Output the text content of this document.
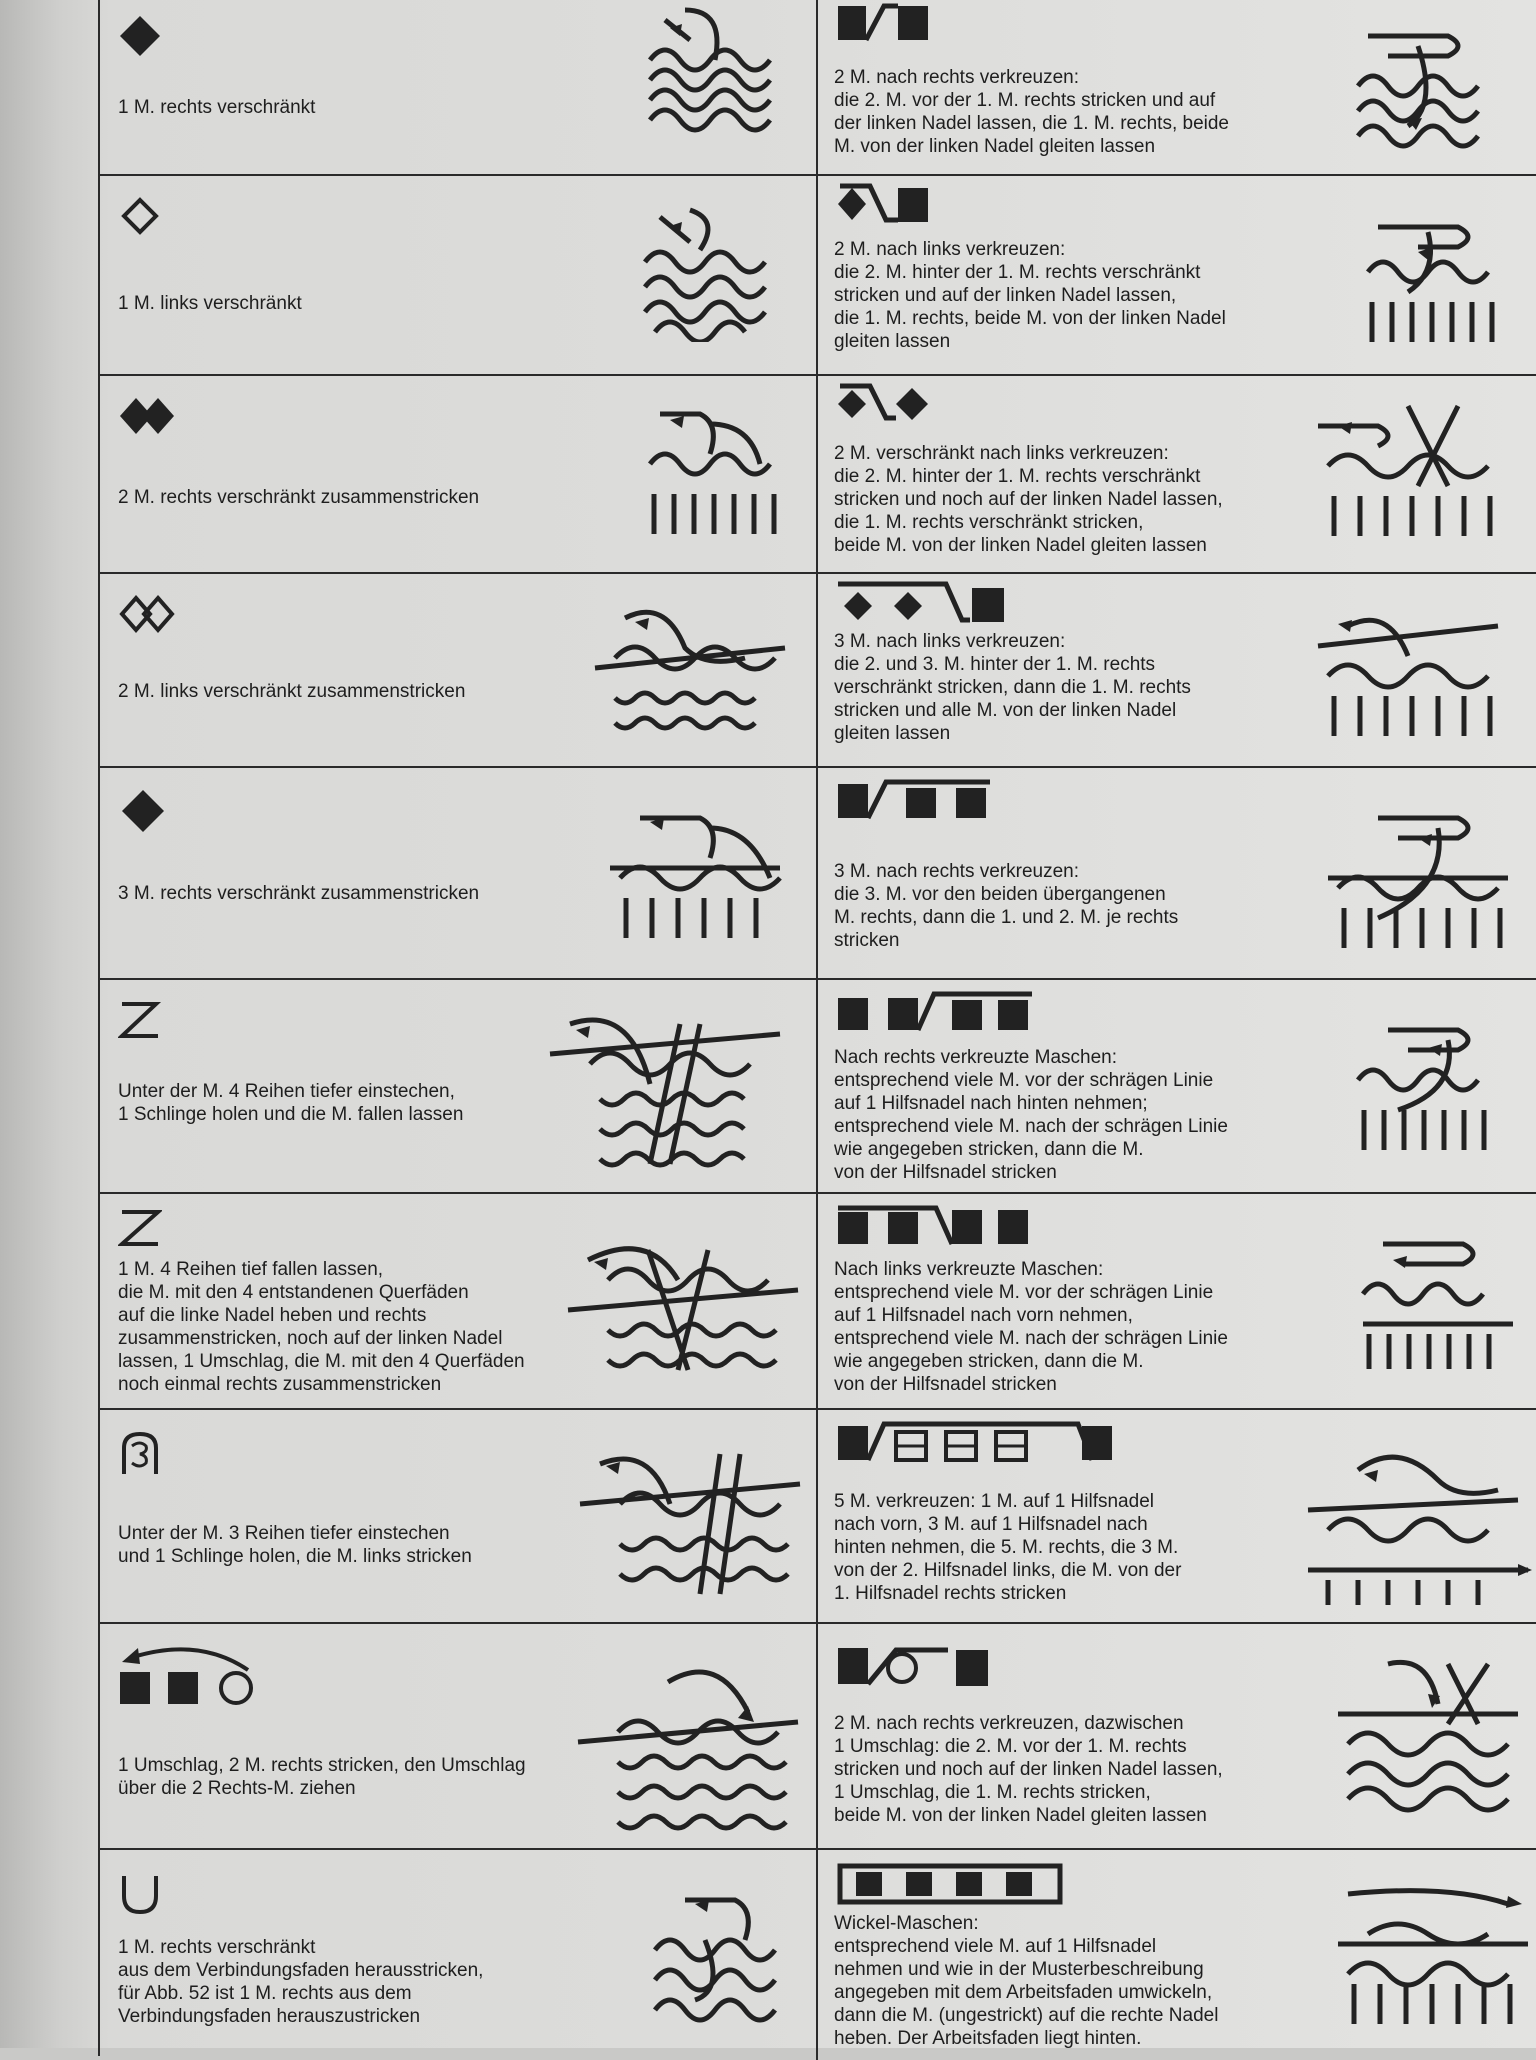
1 M. rechts verschränkt
2 M. nach rechts verkreuzen:
die 2. M. vor der 1. M. rechts stricken und auf
der linken Nadel lassen, die 1. M. rechts, beide
M. von der linken Nadel gleiten lassen
1 M. links verschränkt
2 M. nach links verkreuzen:
die 2. M. hinter der 1. M. rechts verschränkt
stricken und auf der linken Nadel lassen,
die 1. M. rechts, beide M. von der linken Nadel
gleiten lassen
2 M. rechts verschränkt zusammenstricken
2 M. verschränkt nach links verkreuzen:
die 2. M. hinter der 1. M. rechts verschränkt
stricken und noch auf der linken Nadel lassen,
die 1. M. rechts verschränkt stricken,
beide M. von der linken Nadel gleiten lassen
2 M. links verschränkt zusammenstricken
3 M. nach links verkreuzen:
die 2. und 3. M. hinter der 1. M. rechts
verschränkt stricken, dann die 1. M. rechts
stricken und alle M. von der linken Nadel
gleiten lassen
3 M. rechts verschränkt zusammenstricken
3 M. nach rechts verkreuzen:
die 3. M. vor den beiden übergangenen
M. rechts, dann die 1. und 2. M. je rechts
stricken
Unter der M. 4 Reihen tiefer einstechen,
1 Schlinge holen und die M. fallen lassen
Nach rechts verkreuzte Maschen:
entsprechend viele M. vor der schrägen Linie
auf 1 Hilfsnadel nach hinten nehmen;
entsprechend viele M. nach der schrägen Linie
wie angegeben stricken, dann die M.
von der Hilfsnadel stricken
1 M. 4 Reihen tief fallen lassen,
die M. mit den 4 entstandenen Querfäden
auf die linke Nadel heben und rechts
zusammenstricken, noch auf der linken Nadel
lassen, 1 Umschlag, die M. mit den 4 Querfäden
noch einmal rechts zusammenstricken
Nach links verkreuzte Maschen:
entsprechend viele M. vor der schrägen Linie
auf 1 Hilfsnadel nach vorn nehmen,
entsprechend viele M. nach der schrägen Linie
wie angegeben stricken, dann die M.
von der Hilfsnadel stricken
Unter der M. 3 Reihen tiefer einstechen
und 1 Schlinge holen, die M. links stricken
5 M. verkreuzen: 1 M. auf 1 Hilfsnadel
nach vorn, 3 M. auf 1 Hilfsnadel nach
hinten nehmen, die 5. M. rechts, die 3 M.
von der 2. Hilfsnadel links, die M. von der
1. Hilfsnadel rechts stricken
1 Umschlag, 2 M. rechts stricken, den Umschlag
über die 2 Rechts-M. ziehen
2 M. nach rechts verkreuzen, dazwischen
1 Umschlag: die 2. M. vor der 1. M. rechts
stricken und noch auf der linken Nadel lassen,
1 Umschlag, die 1. M. rechts stricken,
beide M. von der linken Nadel gleiten lassen
1 M. rechts verschränkt
aus dem Verbindungsfaden herausstricken,
für Abb. 52 ist 1 M. rechts aus dem
Verbindungsfaden herauszustricken
Wickel-Maschen:
entsprechend viele M. auf 1 Hilfsnadel
nehmen und wie in der Musterbeschreibung
angegeben mit dem Arbeitsfaden umwickeln,
dann die M. (ungestrickt) auf die rechte Nadel
heben. Der Arbeitsfaden liegt hinten.
